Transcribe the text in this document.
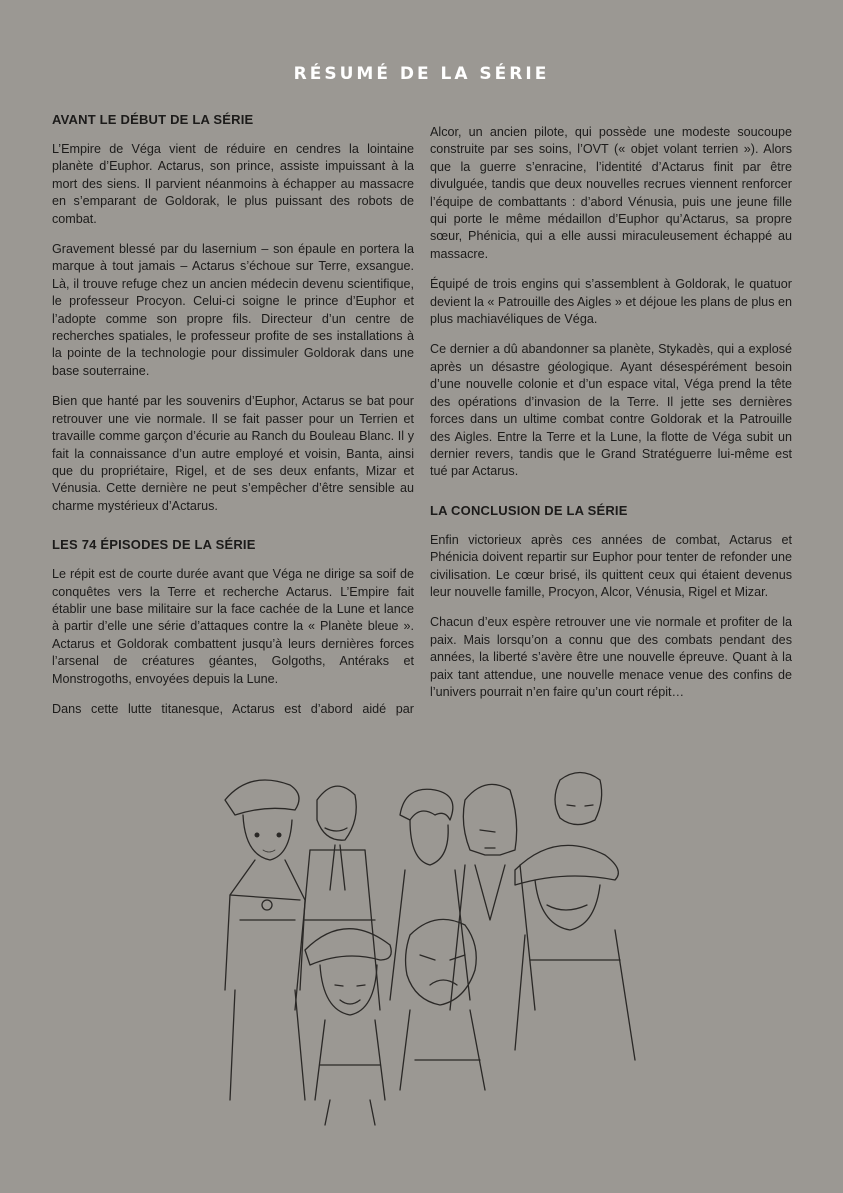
RÉSUMÉ DE LA SÉRIE
AVANT LE DÉBUT DE LA SÉRIE

L’Empire de Véga vient de réduire en cendres la lointaine planète d’Euphor. Actarus, son prince, assiste impuissant à la mort des siens. Il parvient néanmoins à échapper au massacre en s’emparant de Goldorak, le plus puissant des robots de combat.

Gravement blessé par du lasernium – son épaule en portera la marque à tout jamais – Actarus s’échoue sur Terre, exsangue. Là, il trouve refuge chez un ancien médecin devenu scientifique, le professeur Procyon. Celui-ci soigne le prince d’Euphor et l’adopte comme son propre fils. Directeur d’un centre de recherches spatiales, le professeur profite de ses installations à la pointe de la technologie pour dissimuler Goldorak dans une base souterraine.

Bien que hanté par les souvenirs d’Euphor, Actarus se bat pour retrouver une vie normale. Il se fait passer pour un Terrien et travaille comme garçon d’écurie au Ranch du Bouleau Blanc. Il y fait la connaissance d’un autre employé et voisin, Banta, ainsi que du propriétaire, Rigel, et de ses deux enfants, Mizar et Vénusia. Cette dernière ne peut s’empêcher d’être sensible au charme mystérieux d’Actarus.

LES 74 ÉPISODES DE LA SÉRIE

Le répit est de courte durée avant que Véga ne dirige sa soif de conquêtes vers la Terre et recherche Actarus. L’Empire fait établir une base militaire sur la face cachée de la Lune et lance à partir d’elle une série d’attaques contre la « Planète bleue ». Actarus et Goldorak combattent jusqu’à leurs dernières forces l’arsenal de créatures géantes, Golgoths, Antéraks et Monstrogoths, envoyées depuis la Lune.

Dans cette lutte titanesque, Actarus est d’abord aidé par

Alcor, un ancien pilote, qui possède une modeste soucoupe construite par ses soins, l’OVT (« objet volant terrien »). Alors que la guerre s’enracine, l’identité d’Actarus finit par être divulguée, tandis que deux nouvelles recrues viennent renforcer l’équipe de combattants : d’abord Vénusia, puis une jeune fille qui porte le même médaillon d’Euphor qu’Actarus, sa propre sœur, Phénicia, qui a elle aussi miraculeusement échappé au massacre.

Équipé de trois engins qui s’assemblent à Goldorak, le quatuor devient la « Patrouille des Aigles » et déjoue les plans de plus en plus machiavéliques de Véga.

Ce dernier a dû abandonner sa planète, Stykadès, qui a explosé après un désastre géologique. Ayant désespérément besoin d’une nouvelle colonie et d’un espace vital, Véga prend la tête des opérations d’invasion de la Terre. Il jette ses dernières forces dans un ultime combat contre Goldorak et la Patrouille des Aigles. Entre la Terre et la Lune, la flotte de Véga subit un dernier revers, tandis que le Grand Stratéguerre lui-même est tué par Actarus.

LA CONCLUSION DE LA SÉRIE

Enfin victorieux après ces années de combat, Actarus et Phénicia doivent repartir sur Euphor pour tenter de refonder une civilisation. Le cœur brisé, ils quittent ceux qui étaient devenus leur nouvelle famille, Procyon, Alcor, Vénusia, Rigel et Mizar.

Chacun d’eux espère retrouver une vie normale et profiter de la paix. Mais lorsqu’on a connu que des combats pendant des années, la liberté s’avère être une nouvelle épreuve. Quant à la paix tant attendue, une nouvelle menace venue des confins de l’univers pourrait n’en faire qu’un court répit…
